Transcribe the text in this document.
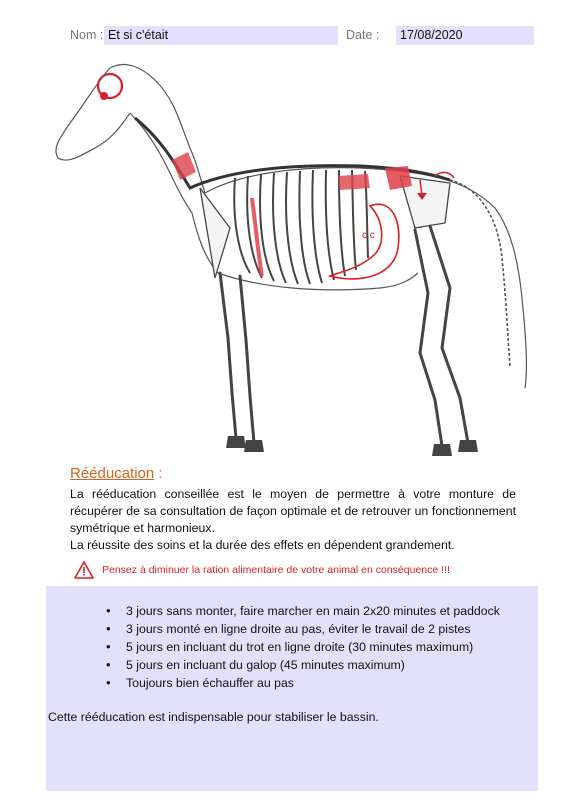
Nom : Et si c'était	Date :	17/08/2020
c c
Rééducation :

La rééducation conseillée est le moyen de permettre à votre monture de récupérer de sa consultation de façon optimale et de retrouver un fonctionnement symétrique et harmonieux.

La réussite des soins et la durée des effets en dépendent grandement.

Pensez à diminuer la ration alimentaire de votre animal en conséquence !!!
• 3 jours sans monter, faire marcher en main 2x20 minutes et paddock
• 3 jours monté en ligne droite au pas, éviter le travail de 2 pistes
• 5 jours en incluant du trot en ligne droite (30 minutes maximum)
• 5 jours en incluant du galop (45 minutes maximum)
• Toujours bien échauffer au pas
Cette rééducation est indispensable pour stabiliser le bassin.
